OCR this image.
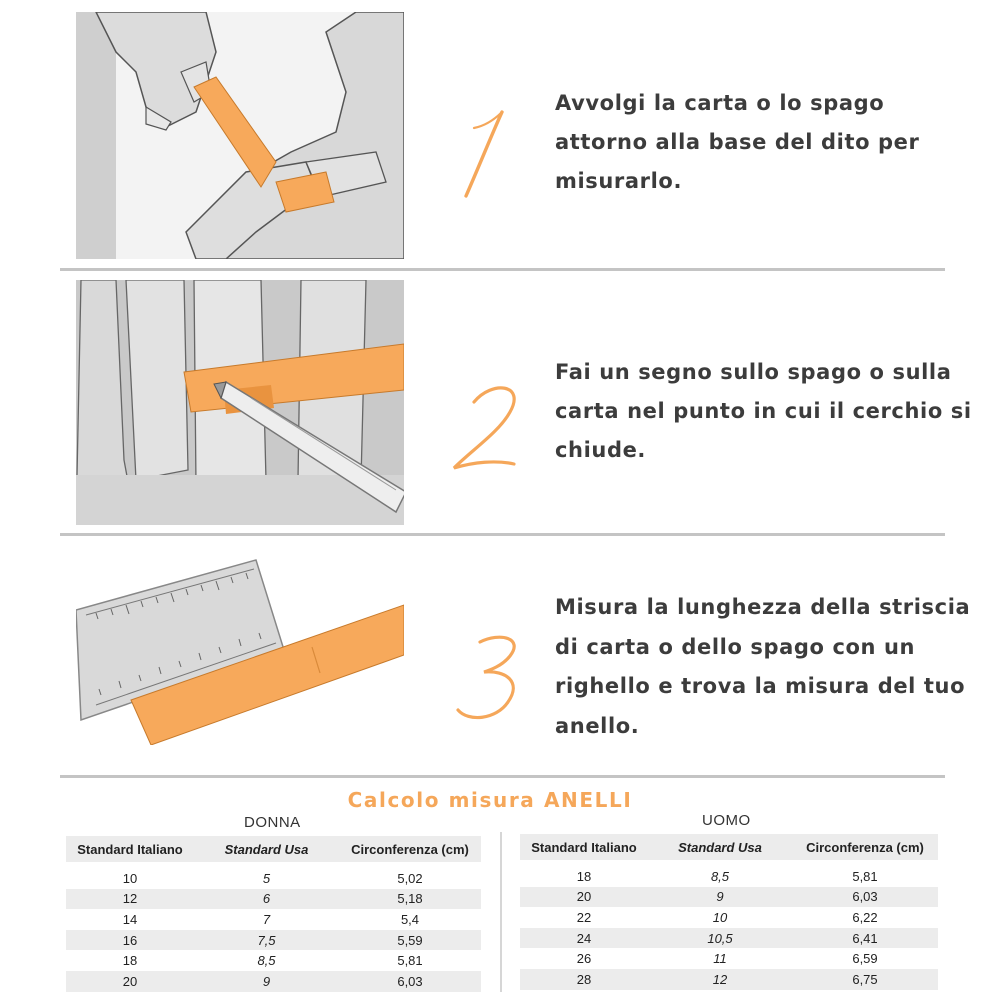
Avvolgi la carta o lo spago attorno alla base del dito per misurarlo.
Fai un segno sullo spago o sulla carta nel punto in cui il cerchio si chiude.
Misura la lunghezza della striscia di carta o dello spago con un righello e trova la misura del tuo anello.
Calcolo misura ANELLI
DONNA	UOMO
Standard Italiano	Standard Usa	Circonferenza (cm)

10	5	5,02
12	6	5,18
14	7	5,4
16	7,5	5,59
18	8,5	5,81
20	9	6,03
Standard Italiano	Standard Usa	Circonferenza (cm)

18	8,5	5,81
20	9	6,03
22	10	6,22
24	10,5	6,41
26	11	6,59
28	12	6,75
